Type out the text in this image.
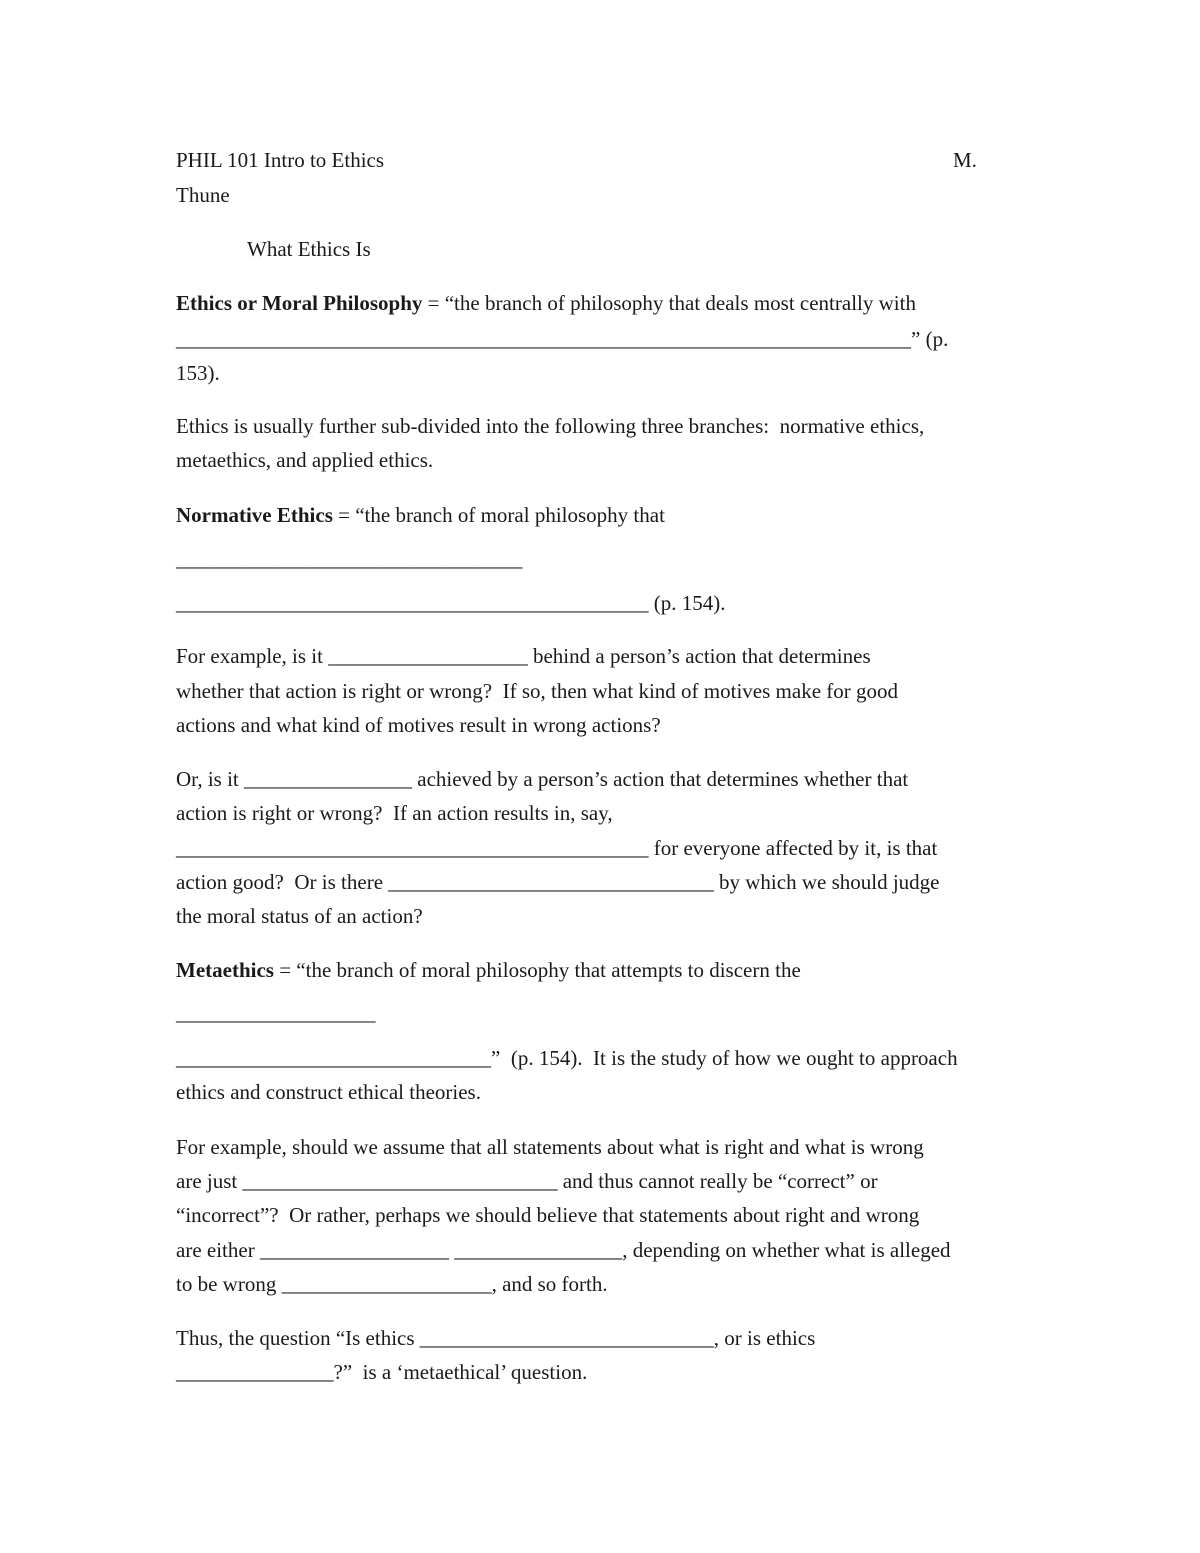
PHIL 101 Intro to Ethics	M.
Thune
What Ethics Is
Ethics or Moral Philosophy = “the branch of philosophy that deals most centrally with
______________________________________________________________________” (p.
153).
Ethics is usually further sub-divided into the following three branches:  normative ethics,
metaethics, and applied ethics.
Normative Ethics = “the branch of moral philosophy that
_________________________________
_____________________________________________ (p. 154).
For example, is it ___________________ behind a person’s action that determines
whether that action is right or wrong?  If so, then what kind of motives make for good
actions and what kind of motives result in wrong actions?
Or, is it ________________ achieved by a person’s action that determines whether that
action is right or wrong?  If an action results in, say,
_____________________________________________ for everyone affected by it, is that
action good?  Or is there _______________________________ by which we should judge
the moral status of an action?
Metaethics = “the branch of moral philosophy that attempts to discern the
___________________
______________________________”  (p. 154).  It is the study of how we ought to approach
ethics and construct ethical theories.
For example, should we assume that all statements about what is right and what is wrong
are just ______________________________ and thus cannot really be “correct” or
“incorrect”?  Or rather, perhaps we should believe that statements about right and wrong
are either __________________ ________________, depending on whether what is alleged
to be wrong ____________________, and so forth.
Thus, the question “Is ethics ____________________________, or is ethics
_______________?”  is a ‘metaethical’ question.
